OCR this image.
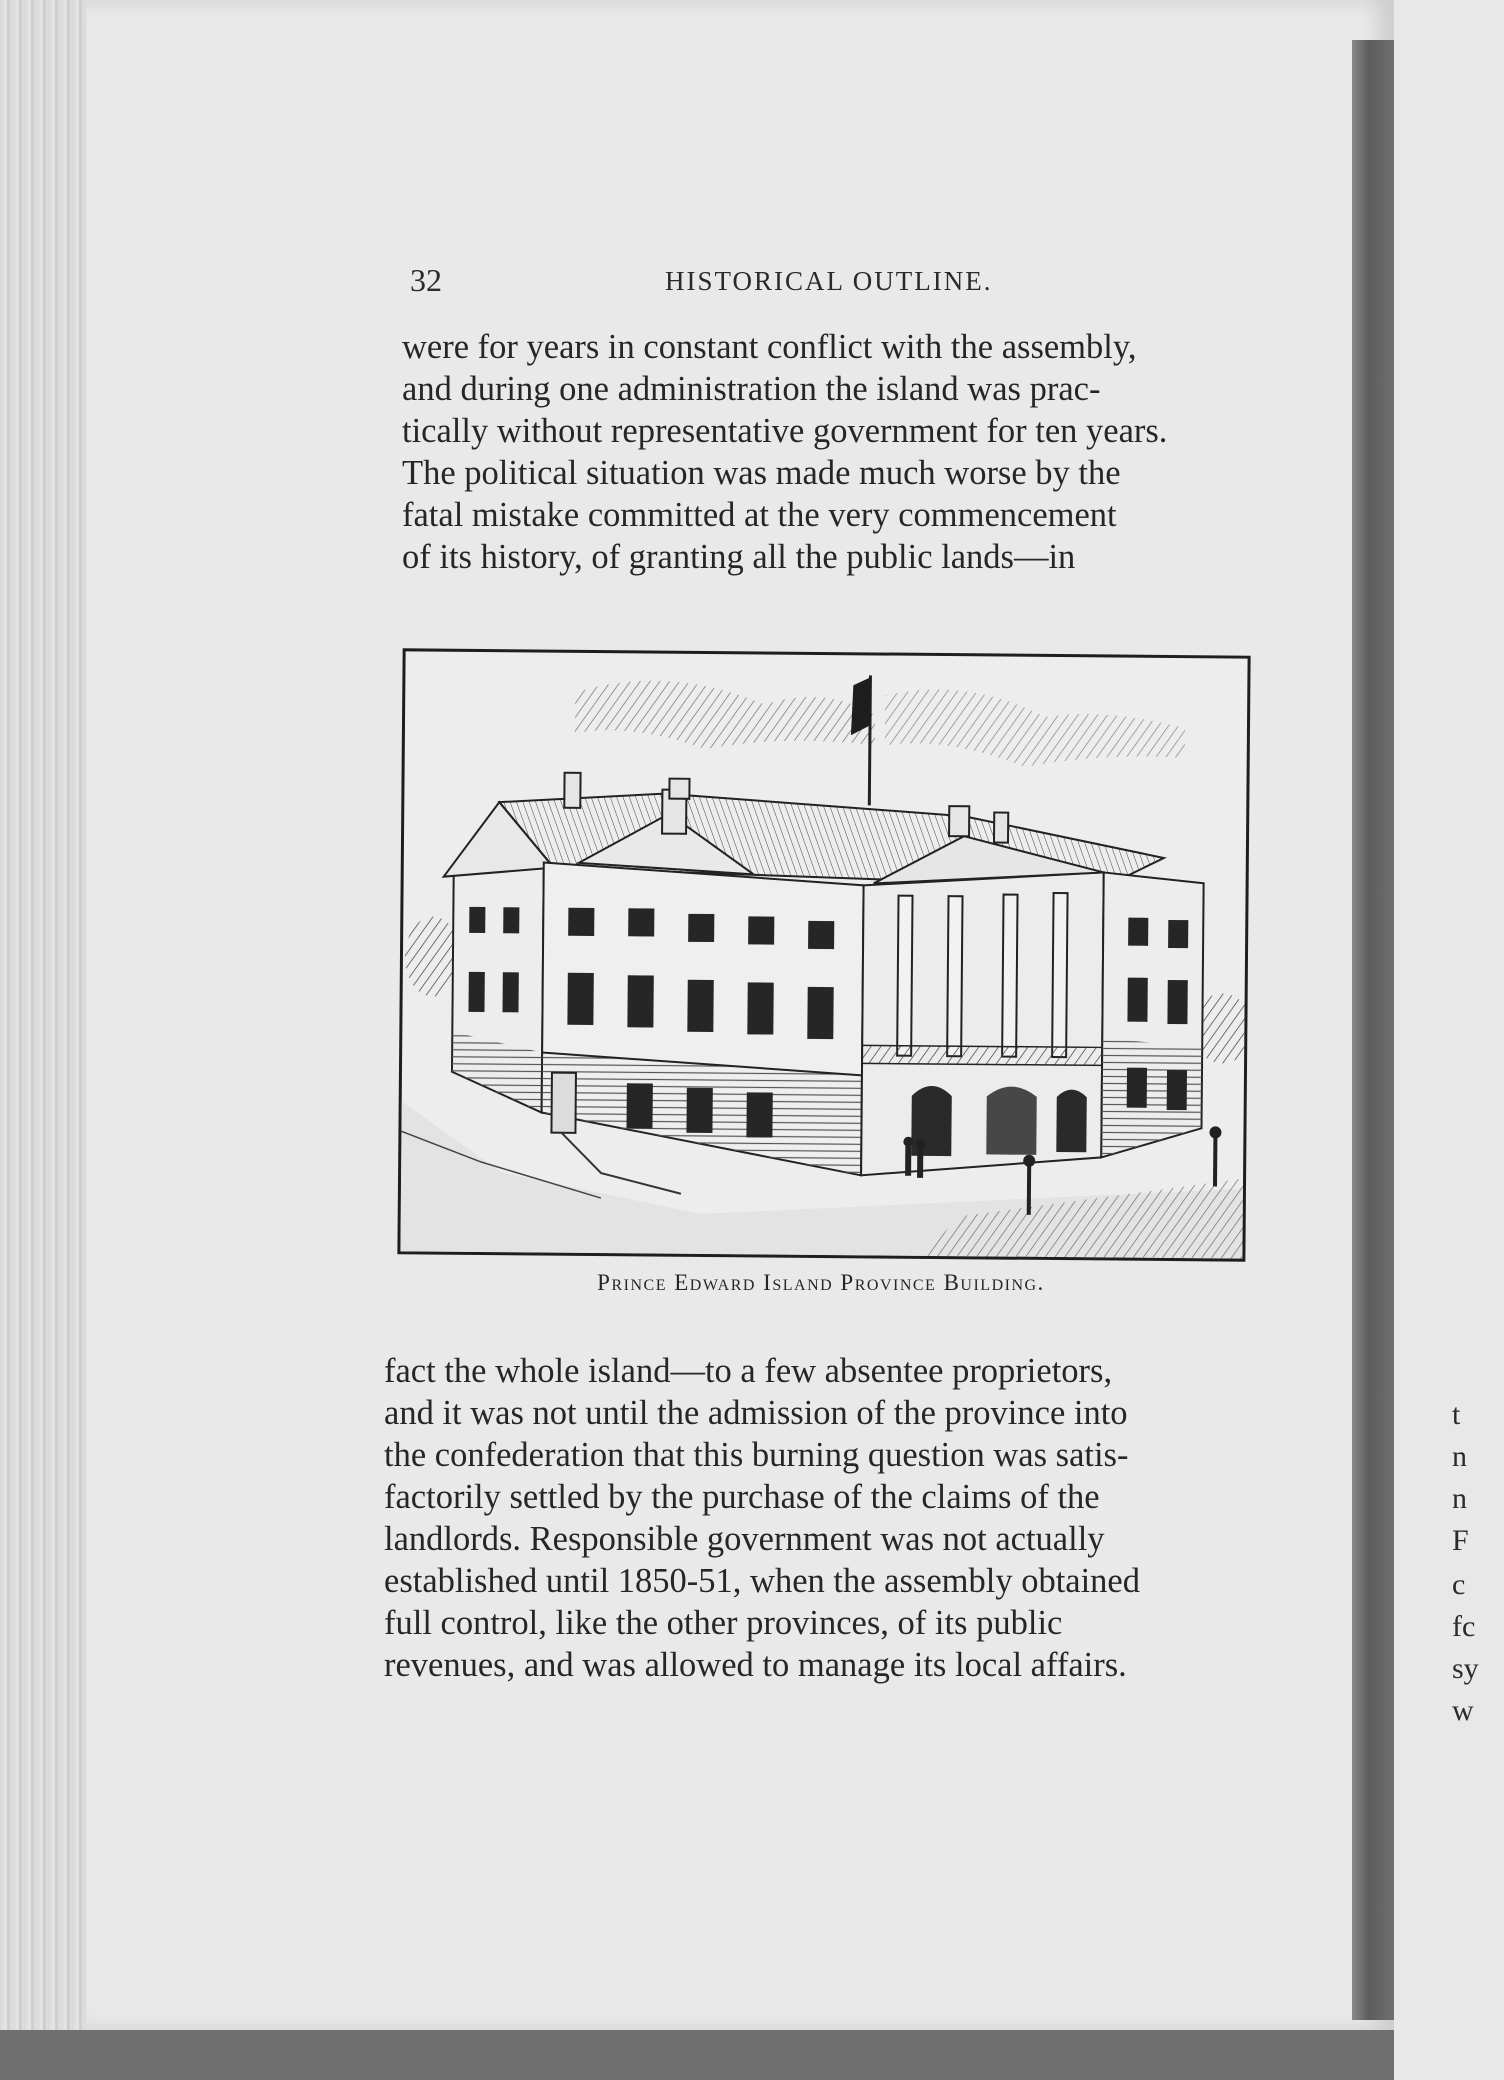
32	HISTORICAL OUTLINE.
were for years in constant conflict with the assembly,
and during one administration the island was prac-
tically without representative government for ten years.
The political situation was made much worse by the
fatal mistake committed at the very commencement
of its history, of granting all the public lands—in
Prince Edward Island Province Building.
fact the whole island—to a few absentee proprietors,
and it was not until the admission of the province into
the confederation that this burning question was satis-
factorily settled by the purchase of the claims of the
landlords. Responsible government was not actually
established until 1850-51, when the assembly obtained
full control, like the other provinces, of its public
revenues, and was allowed to manage its local affairs.
t
n
n
F
c
fc
sy
w
